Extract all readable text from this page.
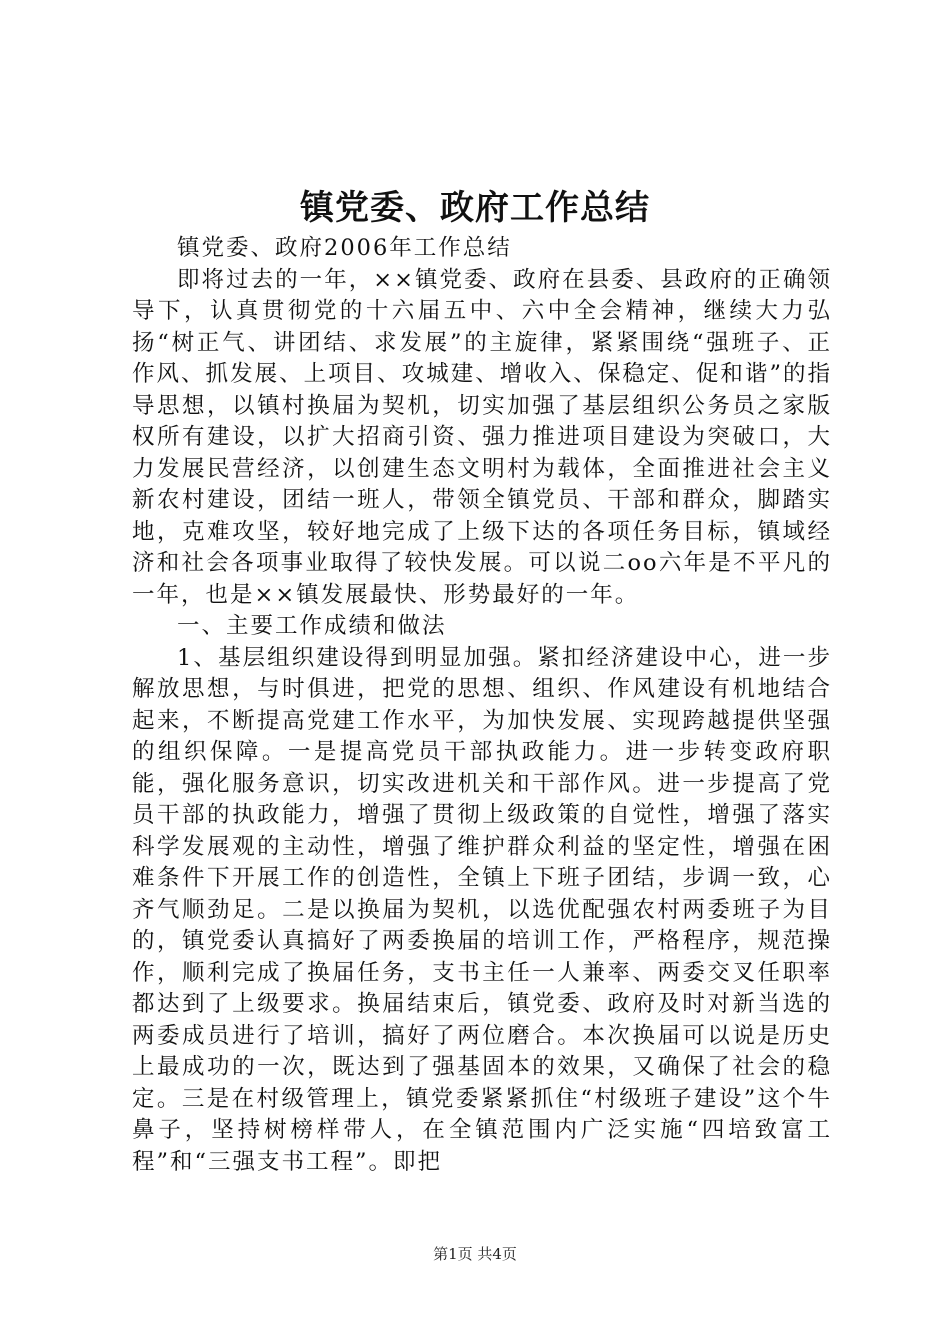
镇党委、政府工作总结

镇党委、政府2006年工作总结

即将过去的一年，××镇党委、政府在县委、县政府的正确领导下，认真贯彻党的十六届五中、六中全会精神，继续大力弘扬“树正气、讲团结、求发展”的主旋律，紧紧围绕“强班子、正作风、抓发展、上项目、攻城建、增收入、保稳定、促和谐”的指导思想，以镇村换届为契机，切实加强了基层组织公务员之家版权所有建设，以扩大招商引资、强力推进项目建设为突破口，大力发展民营经济，以创建生态文明村为载体，全面推进社会主义新农村建设，团结一班人，带领全镇党员、干部和群众，脚踏实地，克难攻坚，较好地完成了上级下达的各项任务目标，镇域经济和社会各项事业取得了较快发展。可以说二oo六年是不平凡的一年，也是××镇发展最快、形势最好的一年。

一、主要工作成绩和做法

1、基层组织建设得到明显加强。紧扣经济建设中心，进一步解放思想，与时俱进，把党的思想、组织、作风建设有机地结合起来，不断提高党建工作水平，为加快发展、实现跨越提供坚强的组织保障。一是提高党员干部执政能力。进一步转变政府职能，强化服务意识，切实改进机关和干部作风。进一步提高了党员干部的执政能力，增强了贯彻上级政策的自觉性，增强了落实科学发展观的主动性，增强了维护群众利益的坚定性，增强在困难条件下开展工作的创造性，全镇上下班子团结，步调一致，心齐气顺劲足。二是以换届为契机，以选优配强农村两委班子为目的，镇党委认真搞好了两委换届的培训工作，严格程序，规范操作，顺利完成了换届任务，支书主任一人兼率、两委交叉任职率都达到了上级要求。换届结束后，镇党委、政府及时对新当选的两委成员进行了培训，搞好了两位磨合。本次换届可以说是历史上最成功的一次，既达到了强基固本的效果，又确保了社会的稳定。三是在村级管理上，镇党委紧紧抓住“村级班子建设”这个牛鼻子，坚持树榜样带人，在全镇范围内广泛实施“四培致富工程”和“三强支书工程”。即把

第1页 共4页
